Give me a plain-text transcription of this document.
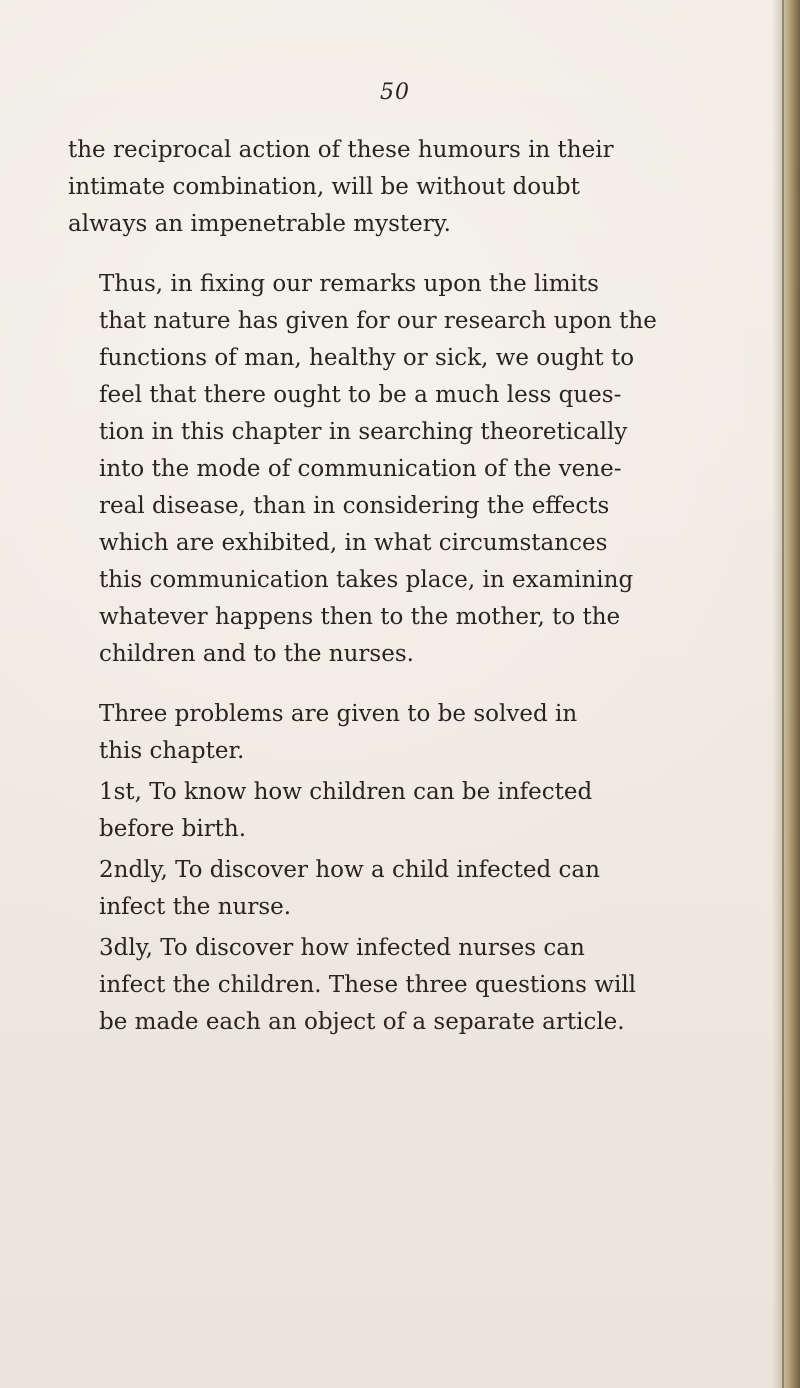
50
the reciprocal action of these humours in their
intimate combination, will be without doubt
always an impenetrable mystery.
Thus, in fixing our remarks upon the limits
that nature has given for our research upon the
functions of man, healthy or sick, we ought to
feel that there ought to be a much less ques-
tion in this chapter in searching theoretically
into the mode of communication of the vene-
real disease, than in considering the effects
which are exhibited, in what circumstances
this communication takes place, in examining
whatever happens then to the mother, to the
children and to the nurses.
Three problems are given to be solved in
this chapter.
1st, To know how children can be infected
before birth.
2ndly, To discover how a child infected can
infect the nurse.
3dly, To discover how infected nurses can
infect the children. These three questions will
be made each an object of a separate article.
